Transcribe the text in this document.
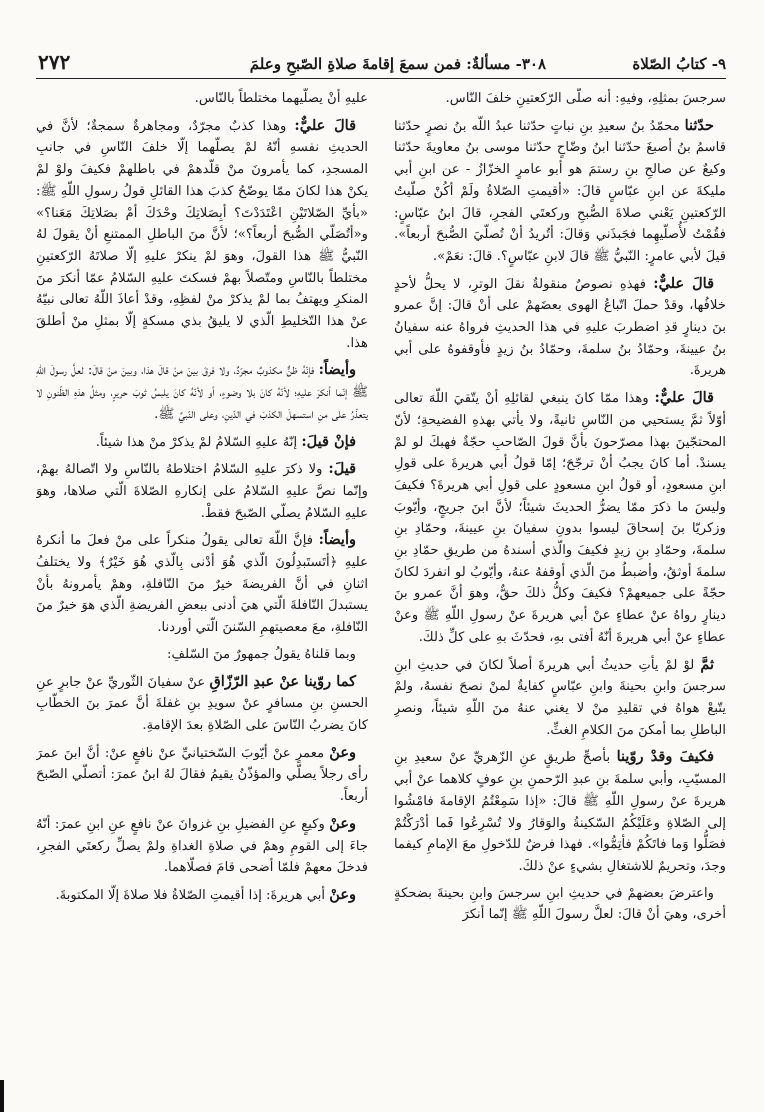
٩- كتابُ الصّلاة
٣٠٨- مسألةٌ: فمن سمعَ إقامةَ صلاةِ الصّبحِ وعلمَ
٢٧٢

سرجسَ بمثلِهِ، وفيهِ: أنه صلّى الرّكعتينِ خلفَ النّاس.

حدّثنا محمّدُ بنُ سعيدِ بنِ نباتٍ حدّثنا عبدُ اللّه بنُ نصرٍ حدّثنا قاسمُ بنُ أصبغَ حدّثنا ابنُ وضّاحٍ حدّثنا موسى بنُ معاويةَ حدّثنا وكيعٌ عن صالحِ بنِ رستمَ هو أبو عامرٍ الخزّازُ - عن ابنِ أبي مليكةَ عن ابنِ عبّاسٍ قالَ: «أقيمتِ الصّلاةُ ولَمْ أكُنْ صلّيتُ الرّكعتينِ يَعْني صلاةَ الصُّبحِ وركعتَي الفجرِ، قالَ ابنُ عبّاسٍ: فقُمْتُ لأُصلّيهِما فجَبذَني وَقالَ: أتُريدُ أنْ تُصلّيَ الصُّبحَ أربعاً». قيلَ لأبي عامرٍ: النّبيُّ ﷺ قالَ لابنِ عبّاسٍ؟. قالَ: نعَمْ».

قالَ عليٌّ: فهذهِ نصوصٌ منقولةٌ نقلَ الوترِ، لا يحلُّ لأحدٍ خلافُها، وقدْ حملَ اتّباعُ الهوى بعضَهمْ على أنْ قالَ: إنَّ عمرو بنَ دينارٍ قدِ اضطربَ عليهِ في هذا الحديثِ فرواهُ عنه سفيانُ بنُ عيينةَ، وحمّادُ بنُ سلمةَ، وحمّادُ بنُ زيدٍ فأوقفوهُ على أبي هريرةَ.

قالَ عليٌّ: وهذا ممّا كانَ ينبغي لقائلِهِ أنْ يتّقيَ اللّهَ تعالى أوّلاً ثمَّ يستحيي من النّاسِ ثانيةً، ولا يأتي بهذهِ الفضيحةِ؛ لأنّ المحتجّينَ بهذا مصرّحونَ بأنَّ قولَ الصّاحبِ حجّةٌ فهبكَ لو لمْ يسندْ. أما كانَ يجبُ أنْ ترجّحَ؛ إمّا قولُ أبي هريرةَ على قولِ ابنِ مسعودٍ، أو قولُ ابنِ مسعودٍ على قولِ أبي هريرةَ؟ فكيفَ وليسَ ما ذكرَ ممّا يضرُّ الحديثَ شيئاً؛ لأنَّ ابنَ جريجٍ، وأيّوبَ وزكريّا بنَ إسحاقَ ليسوا بدونِ سفيانَ بنِ عيينةَ، وحمّادِ بنِ سلمةَ، وحمّادِ بنِ زيدٍ فكيفَ والّذي أسندهُ من طريقِ حمّادِ بنِ سلمةَ أوثقُ، وأضبطُ منَ الّذي أوقفهُ عنهُ، وأيّوبُ لو انفردَ لكانَ حجّةً على جميعهمْ؟ فكيفَ وكلُّ ذلكَ حقٌّ، وهوَ أنَّ عمرو بنَ دينارٍ رواهُ عنْ عطاءٍ عنْ أبي هريرةَ عنْ رسولِ اللّهِ ﷺ وعنْ عطاءٍ عنْ أبي هريرةَ أنّهُ أفتى بهِ، فحدّثَ بهِ على كلِّ ذلكَ.

ثمَّ لوْ لمْ يأتِ حديثُ أبي هريرةَ أصلاً لكانَ في حديثِ ابنِ سرجسَ وابنِ بحينةَ وابنِ عبّاسٍ كفايةٌ لمنْ نصحَ نفسهُ، ولمْ يتّبعْ هواهُ في تقليدِ منْ لا يغني عنهُ منَ اللّهِ شيئاً، ونصرِ الباطلِ بما أمكنَ منَ الكلامِ الغثِّ.

فكيفَ وقدْ روّينا بأصحِّ طريقٍ عنِ الزّهريِّ عنْ سعيدِ بنِ المسيّبِ، وأبي سلمةَ بنِ عبدِ الرّحمنِ بنِ عوفٍ كلاهما عنْ أبي هريرةَ عنْ رسولِ اللّهِ ﷺ قالَ: «إذا سَمِعْتُمُ الإقامةَ فامْشُوا إلى الصّلاةِ وعَلَيْكُمُ السّكينةُ والوَقارُ ولا تُسْرِعُوا فَما أدْرَكْتُمْ فصَلُّوا وَما فاتَكُمْ فأتِمُّوا». فهذا فرضٌ للدّخولِ معَ الإمامِ كيفما وجدَ، وتحريمٌ للاشتغالِ بشيءٍ عنْ ذلكَ.

واعترضَ بعضهمْ في حديثِ ابنِ سرجسَ وابنِ بحينةَ بضحكةٍ أخرى، وهيَ أنْ قالَ: لعلَّ رسولَ اللّهِ ﷺ إنّما أنكرَ

عليهِ أنْ يصلّيهما مختلطاً بالنّاس.

قالَ عليٌّ: وهذا كذبٌ مجرّدٌ، ومجاهرةٌ سمجةٌ؛ لأنَّ في الحديثِ نفسهِ أنّهُ لمْ يصلّهما إلّا خلفَ النّاسِ في جانبِ المسجدِ، كما يأمرونَ منْ قلّدهمْ في باطلهمْ فكيفَ ولوْ لمْ يكنْ هذا لكانَ ممّا يوضّحُ كذبَ هذا القائلِ قولُ رسولِ اللّهِ ﷺ: «بأيِّ الصّلاتَيْنِ اعْتَدَدْتَ؟ أبِصَلاتِكَ وحْدَكَ أمْ بصَلاتِكَ مَعَنا؟» و«أتُصَلّي الصُّبحَ أربعاً؟»؛ لأنَّ منَ الباطلِ الممتنعِ أنْ يقولَ لهُ النّبيُّ ﷺ هذا القولَ، وهوَ لمْ ينكرْ عليهِ إلّا صلاتَهُ الرّكعتينِ مختلطاً بالنّاسِ ومتّصلاً بهمْ فسكتَ عليهِ السّلامُ عمّا أنكرَ منَ المنكرِ ويهتفُ بما لمْ يذكرْ منْ لفظِهِ، وقدْ أعاذَ اللّهُ تعالى نبيّهُ عنْ هذا التّخليطِ الّذي لا يليقُ بذي مسكةٍ إلّا بمثلِ منْ أطلقَ هذا.

وأيضاً: فإنّهُ ظنٌّ مكذوبٌ مجرّدٌ، ولا فرقَ بينَ منْ قالَ هذا، وبينَ منْ قالَ: لعلَّ رسولَ اللّهِ ﷺ إنّما أنكرَ عليهِ؛ لأنّهُ كانَ بلا وضوءٍ، أو لأنّهُ كانَ يلبسُ ثوبَ حريرٍ، ومثلُ هذهِ الظّنونِ لا يتعذّرُ على منِ استسهلَ الكذبَ في الدّينِ، وعلى النّبيِّ ﷺ.

فإنْ قيلَ: إنّهُ عليهِ السّلامُ لمْ يذكرْ منْ هذا شيئاً.

قيلَ: ولا ذكرَ عليهِ السّلامُ اختلاطهُ بالنّاسِ ولا اتّصالهُ بهمْ، وإنّما نصَّ عليهِ السّلامُ على إنكارهِ الصّلاةَ الّتي صلاها، وهوَ عليهِ السّلامُ يصلّي الصّبحَ فقطْ.

وأيضاً: فإنَّ اللّهَ تعالى يقولُ منكراً على منْ فعلَ ما أنكرهُ عليهِ ﴿أتَستَبدِلُونَ الّذي هُوَ أدْنى بِالّذي هُوَ خَيْرٌ﴾ ولا يختلفُ اثنانِ في أنَّ الفريضةَ خيرٌ منَ النّافلةِ، وهمْ يأمرونهُ بأنْ يستبدلَ النّافلةَ الّتي هيَ أدنى ببعضِ الفريضةِ الّذي هوَ خيرٌ منَ النّافلةِ، معَ معصيتهمِ السّننَ الّتي أوردنا.

وبما قلناهُ يقولُ جمهورٌ منَ السّلفِ:

كما روّينا عنْ عبدِ الرّزّاقِ عنْ سفيانَ الثّوريِّ عنْ جابرٍ عنِ الحسنِ بنِ مسافرٍ عنْ سويدِ بنِ غفلةَ أنَّ عمرَ بنَ الخطّابِ كانَ يضربُ النّاسَ على الصّلاةِ بعدَ الإقامةِ.

وعنْ معمرٍ عنْ أيّوبَ السّختيانيِّ عنْ نافعٍ عنْ: أنَّ ابنَ عمرَ رأى رجلاً يصلّي والمؤذّنُ يقيمُ فقالَ لهُ ابنُ عمرَ: أتصلّي الصّبحَ أربعاً.

وعنْ وكيعٍ عنِ الفضيلِ بنِ غزوانَ عنْ نافعٍ عنِ ابنِ عمرَ: أنّهُ جاءَ إلى القومِ وهمْ في صلاةِ الغداةِ ولمْ يصلِّ ركعتَي الفجرِ، فدخلَ معهمْ فلمّا أضحى قامَ فصلّاهما.

وعنْ أبي هريرةَ: إذا أقيمتِ الصّلاةُ فلا صلاةَ إلّا المكتوبةَ.
